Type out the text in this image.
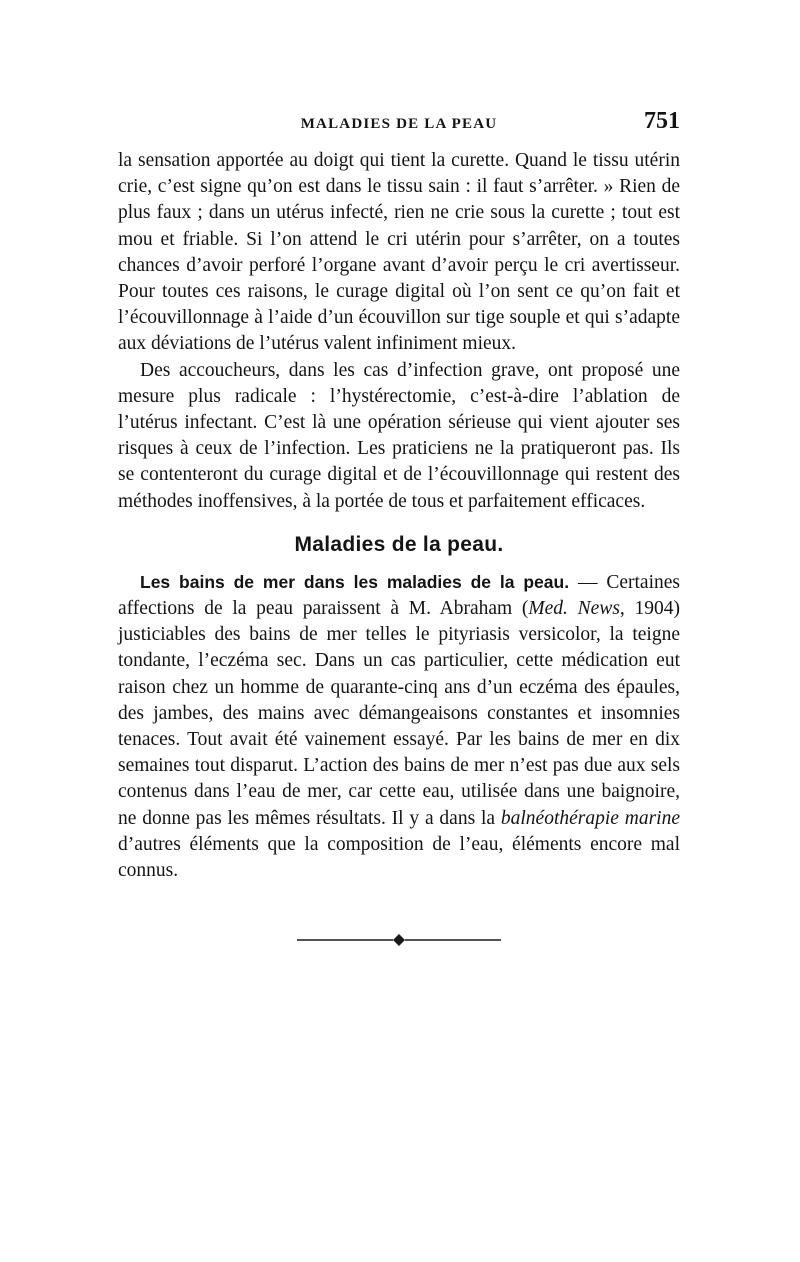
MALADIES DE LA PEAU	751

la sensation apportée au doigt qui tient la curette. Quand le tissu utérin crie, c’est signe qu’on est dans le tissu sain : il faut s’arrêter. » Rien de plus faux ; dans un utérus infecté, rien ne crie sous la curette ; tout est mou et friable. Si l’on attend le cri utérin pour s’arrêter, on a toutes chances d’avoir perforé l’organe avant d’avoir perçu le cri avertisseur. Pour toutes ces raisons, le curage digital où l’on sent ce qu’on fait et l’écouvillonnage à l’aide d’un écouvillon sur tige souple et qui s’adapte aux déviations de l’utérus valent infiniment mieux.

Des accoucheurs, dans les cas d’infection grave, ont proposé une mesure plus radicale : l’hystérectomie, c’est-à-dire l’ablation de l’utérus infectant. C’est là une opération sérieuse qui vient ajouter ses risques à ceux de l’infection. Les praticiens ne la pratiqueront pas. Ils se contenteront du curage digital et de l’écouvillonnage qui restent des méthodes inoffensives, à la portée de tous et parfaitement efficaces.

Maladies de la peau.

Les bains de mer dans les maladies de la peau. — Certaines affections de la peau paraissent à M. Abraham (Med. News, 1904) justiciables des bains de mer telles le pityriasis versicolor, la teigne tondante, l’eczéma sec. Dans un cas particulier, cette médication eut raison chez un homme de quarante-cinq ans d’un eczéma des épaules, des jambes, des mains avec démangeaisons constantes et insomnies tenaces. Tout avait été vainement essayé. Par les bains de mer en dix semaines tout disparut. L’action des bains de mer n’est pas due aux sels contenus dans l’eau de mer, car cette eau, utilisée dans une baignoire, ne donne pas les mêmes résultats. Il y a dans la balnéothérapie marine d’autres éléments que la composition de l’eau, éléments encore mal connus.
